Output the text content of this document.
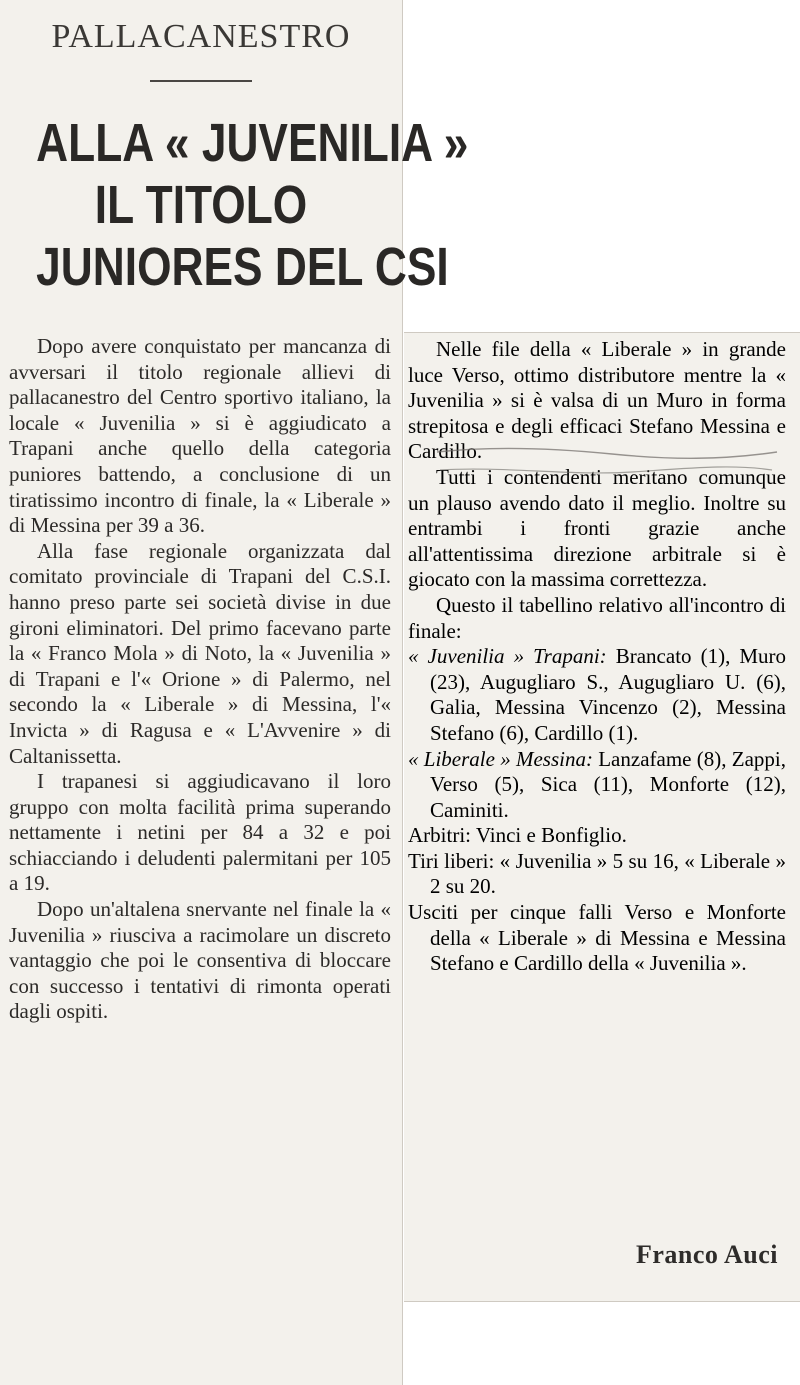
PALLACANESTRO
ALLA « JUVENILIA »
IL TITOLO
JUNIORES DEL CSI

Dopo avere conquistato per mancanza di avversari il titolo regionale allievi di pallacanestro del Centro sportivo italiano, la locale « Juvenilia » si è aggiudicato a Trapani anche quello della categoria puniores battendo, a conclusione di un tiratissimo incontro di finale, la « Liberale » di Messina per 39 a 36.

Alla fase regionale organizzata dal comitato provinciale di Trapani del C.S.I. hanno preso parte sei società divise in due gironi eliminatori. Del primo facevano parte la « Franco Mola » di Noto, la « Juvenilia » di Trapani e l'« Orione » di Palermo, nel secondo la « Liberale » di Messina, l'« Invicta » di Ragusa e « L'Avvenire » di Caltanissetta.

I trapanesi si aggiudicavano il loro gruppo con molta facilità prima superando nettamente i netini per 84 a 32 e poi schiacciando i deludenti palermitani per 105 a 19.

Dopo un'altalena snervante nel finale la « Juvenilia » riusciva a racimolare un discreto vantaggio che poi le consentiva di bloccare con successo i tentativi di rimonta operati dagli ospiti.

Nelle file della « Liberale » in grande luce Verso, ottimo distributore mentre la « Juvenilia » si è valsa di un Muro in forma strepitosa e degli efficaci Stefano Messina e Cardillo.

Tutti i contendenti meritano comunque un plauso avendo dato il meglio. Inoltre su entrambi i fronti grazie anche all'attentissima direzione arbitrale si è giocato con la massima correttezza.

Questo il tabellino relativo all'incontro di finale:

« Juvenilia » Trapani: Brancato (1), Muro (23), Augugliaro S., Augugliaro U. (6), Galia, Messina Vincenzo (2), Messina Stefano (6), Cardillo (1).

« Liberale » Messina: Lanzafame (8), Zappi, Verso (5), Sica (11), Monforte (12), Caminiti.

Arbitri: Vinci e Bonfiglio.

Tiri liberi: « Juvenilia » 5 su 16, « Liberale » 2 su 20.

Usciti per cinque falli Verso e Monforte della « Liberale » di Messina e Messina Stefano e Cardillo della « Juvenilia ».

Franco Auci
